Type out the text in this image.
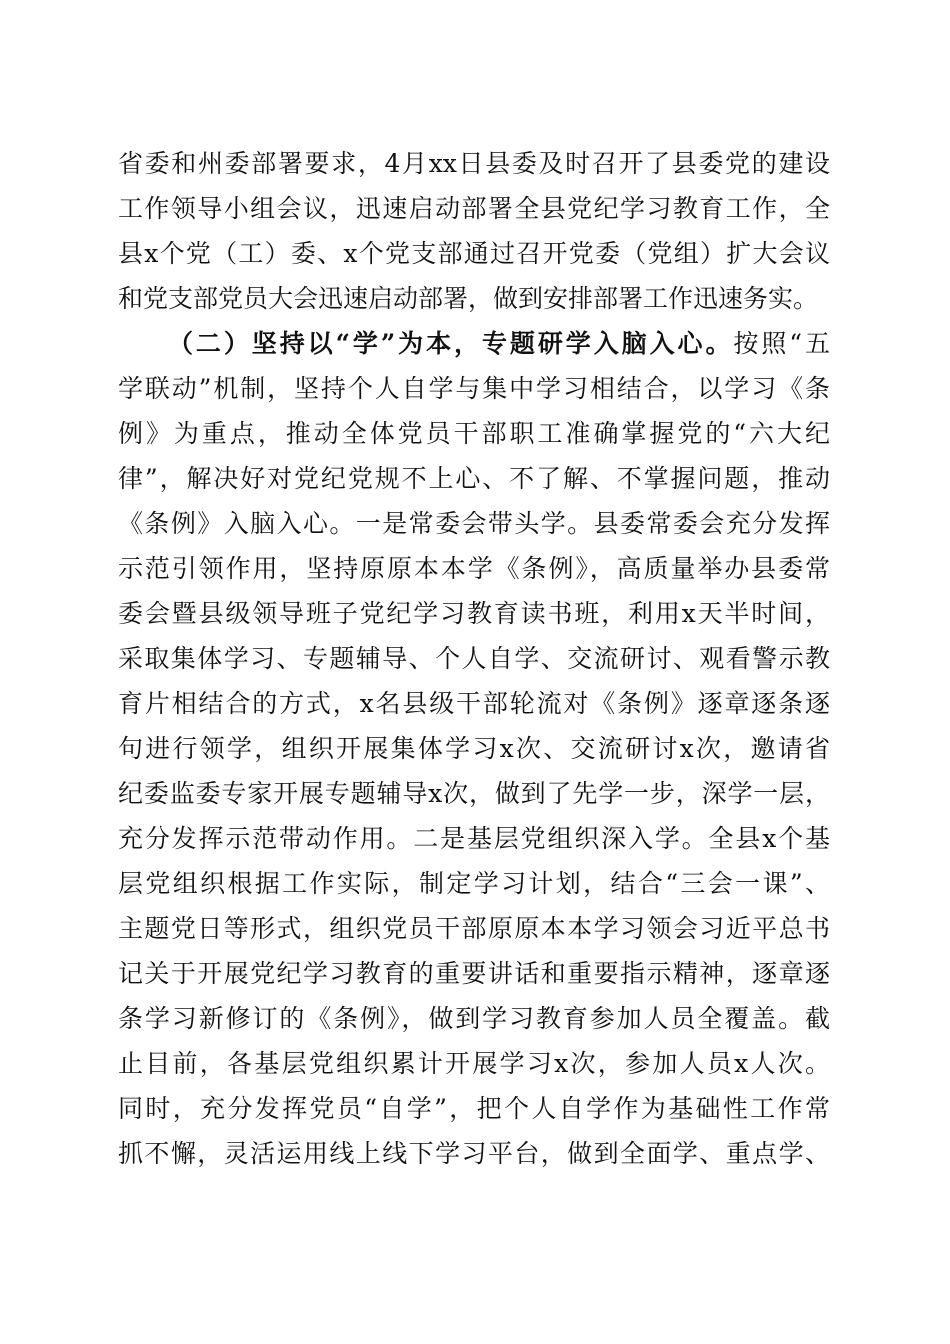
省委和州委部署要求，4月xx日县委及时召开了县委党的建设
工作领导小组会议，迅速启动部署全县党纪学习教育工作，全
县x个党（工）委、x个党支部通过召开党委（党组）扩大会议
和党支部党员大会迅速启动部署，做到安排部署工作迅速务实。
（二）坚持以“学”为本，专题研学入脑入心。按照“五
学联动”机制，坚持个人自学与集中学习相结合，以学习《条
例》为重点，推动全体党员干部职工准确掌握党的“六大纪
律”，解决好对党纪党规不上心、不了解、不掌握问题，推动
《条例》入脑入心。一是常委会带头学。县委常委会充分发挥
示范引领作用，坚持原原本本学《条例》，高质量举办县委常
委会暨县级领导班子党纪学习教育读书班，利用x天半时间，
采取集体学习、专题辅导、个人自学、交流研讨、观看警示教
育片相结合的方式，x名县级干部轮流对《条例》逐章逐条逐
句进行领学，组织开展集体学习x次、交流研讨x次，邀请省
纪委监委专家开展专题辅导x次，做到了先学一步，深学一层，
充分发挥示范带动作用。二是基层党组织深入学。全县x个基
层党组织根据工作实际，制定学习计划，结合“三会一课”、
主题党日等形式，组织党员干部原原本本学习领会习近平总书
记关于开展党纪学习教育的重要讲话和重要指示精神，逐章逐
条学习新修订的《条例》，做到学习教育参加人员全覆盖。截
止目前，各基层党组织累计开展学习x次，参加人员x人次。
同时，充分发挥党员“自学”，把个人自学作为基础性工作常
抓不懈，灵活运用线上线下学习平台，做到全面学、重点学、
